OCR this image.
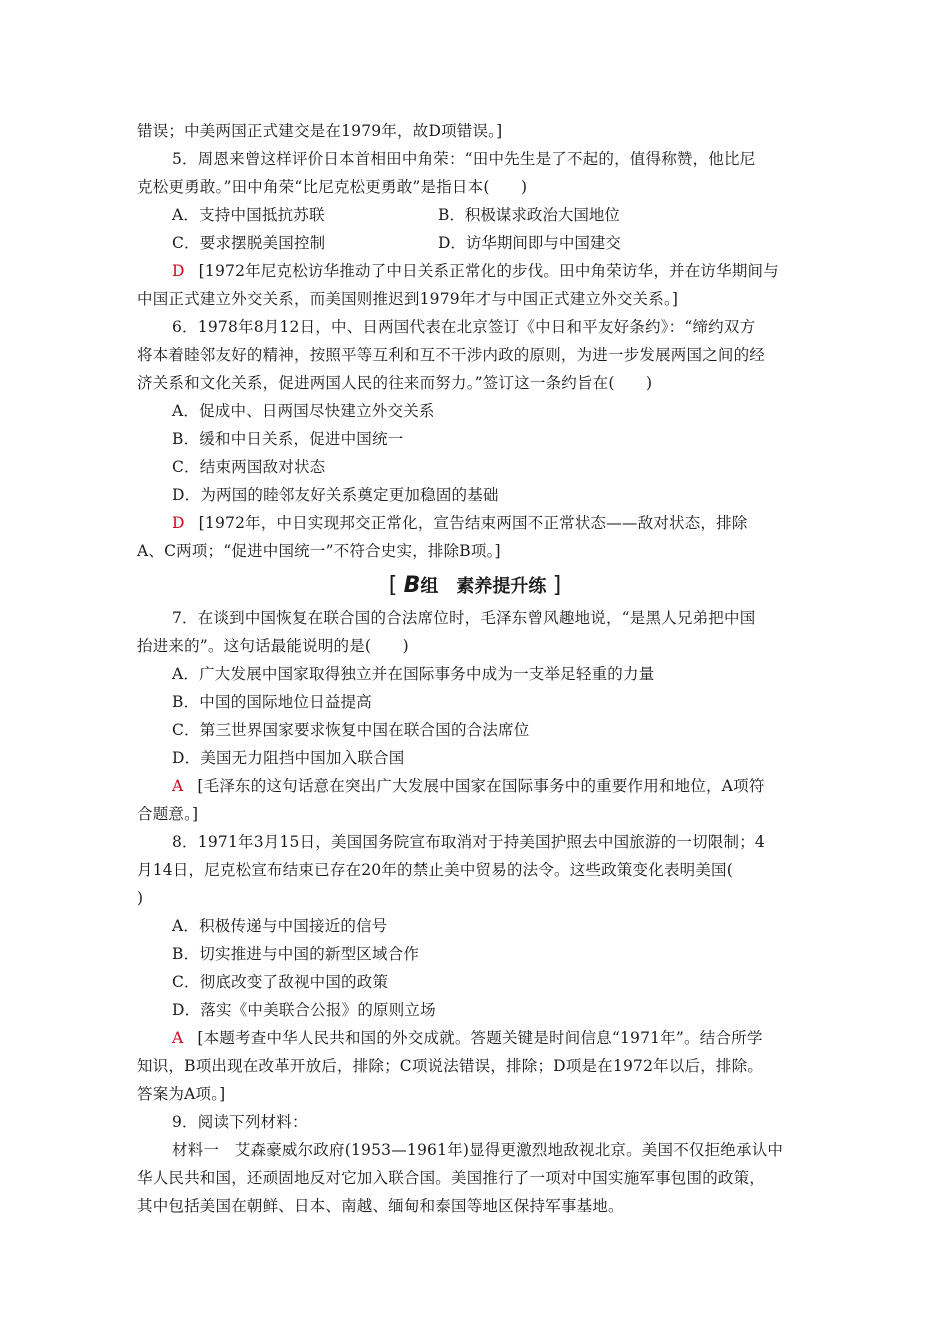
错误；中美两国正式建交是在1979年，故D项错误。]
5．周恩来曾这样评价日本首相田中角荣：“田中先生是了不起的，值得称赞，他比尼
克松更勇敢。”田中角荣“比尼克松更勇敢”是指日本(　　)
A．支持中国抵抗苏联	B．积极谋求政治大国地位
C．要求摆脱美国控制	D．访华期间即与中国建交
D [1972年尼克松访华推动了中日关系正常化的步伐。田中角荣访华，并在访华期间与
中国正式建立外交关系，而美国则推迟到1979年才与中国正式建立外交关系。]
6．1978年8月12日，中、日两国代表在北京签订《中日和平友好条约》：“缔约双方
将本着睦邻友好的精神，按照平等互利和互不干涉内政的原则，为进一步发展两国之间的经
济关系和文化关系，促进两国人民的往来而努力。”签订这一条约旨在(　　)
A．促成中、日两国尽快建立外交关系
B．缓和中日关系，促进中国统一
C．结束两国敌对状态
D．为两国的睦邻友好关系奠定更加稳固的基础
D [1972年，中日实现邦交正常化，宣告结束两国不正常状态——敌对状态，排除
A、C两项；“促进中国统一”不符合史实，排除B项。]
[ B组　素养提升练 ]
7．在谈到中国恢复在联合国的合法席位时，毛泽东曾风趣地说，“是黑人兄弟把中国
抬进来的”。这句话最能说明的是(　　)
A．广大发展中国家取得独立并在国际事务中成为一支举足轻重的力量
B．中国的国际地位日益提高
C．第三世界国家要求恢复中国在联合国的合法席位
D．美国无力阻挡中国加入联合国
A [毛泽东的这句话意在突出广大发展中国家在国际事务中的重要作用和地位，A项符
合题意。]
8．1971年3月15日，美国国务院宣布取消对于持美国护照去中国旅游的一切限制；4
月14日，尼克松宣布结束已存在20年的禁止美中贸易的法令。这些政策变化表明美国(
)
A．积极传递与中国接近的信号
B．切实推进与中国的新型区域合作
C．彻底改变了敌视中国的政策
D．落实《中美联合公报》的原则立场
A [本题考查中华人民共和国的外交成就。答题关键是时间信息“1971年”。结合所学
知识，B项出现在改革开放后，排除；C项说法错误，排除；D项是在1972年以后，排除。
答案为A项。]
9．阅读下列材料：
材料一　艾森豪威尔政府(1953—1961年)显得更激烈地敌视北京。美国不仅拒绝承认中
华人民共和国，还顽固地反对它加入联合国。美国推行了一项对中国实施军事包围的政策，
其中包括美国在朝鲜、日本、南越、缅甸和泰国等地区保持军事基地。
